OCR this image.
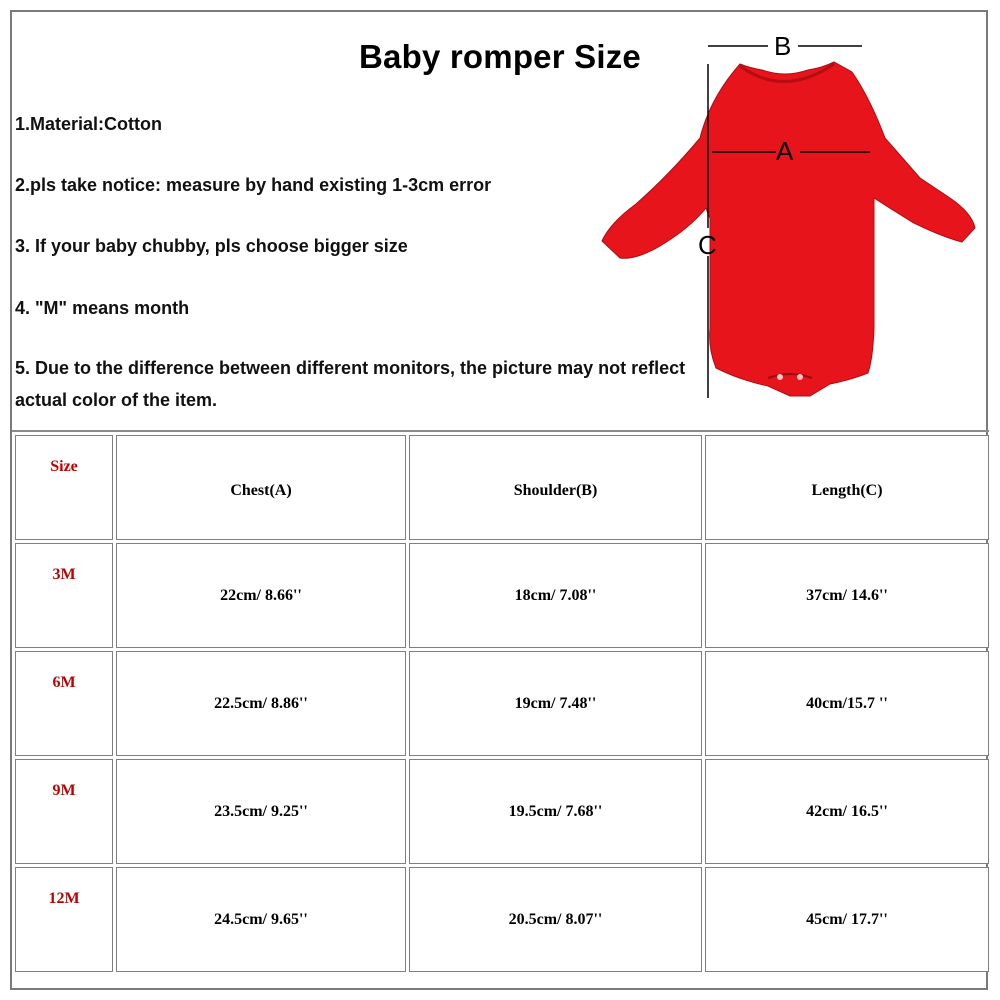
Baby romper Size
1.Material:Cotton
2.pls take notice: measure by hand existing 1-3cm error
3. If your baby chubby, pls choose bigger size
4. "M" means month
5. Due to the difference between different monitors, the picture may not reflect actual color of the item.
B
A
C
Size	Chest(A)	Shoulder(B)	Length(C)
3M	22cm/ 8.66''	18cm/ 7.08''	37cm/ 14.6''
6M	22.5cm/ 8.86''	19cm/ 7.48''	40cm/15.7 ''
9M	23.5cm/ 9.25''	19.5cm/ 7.68''	42cm/ 16.5''
12M	24.5cm/ 9.65''	20.5cm/ 8.07''	45cm/ 17.7''
